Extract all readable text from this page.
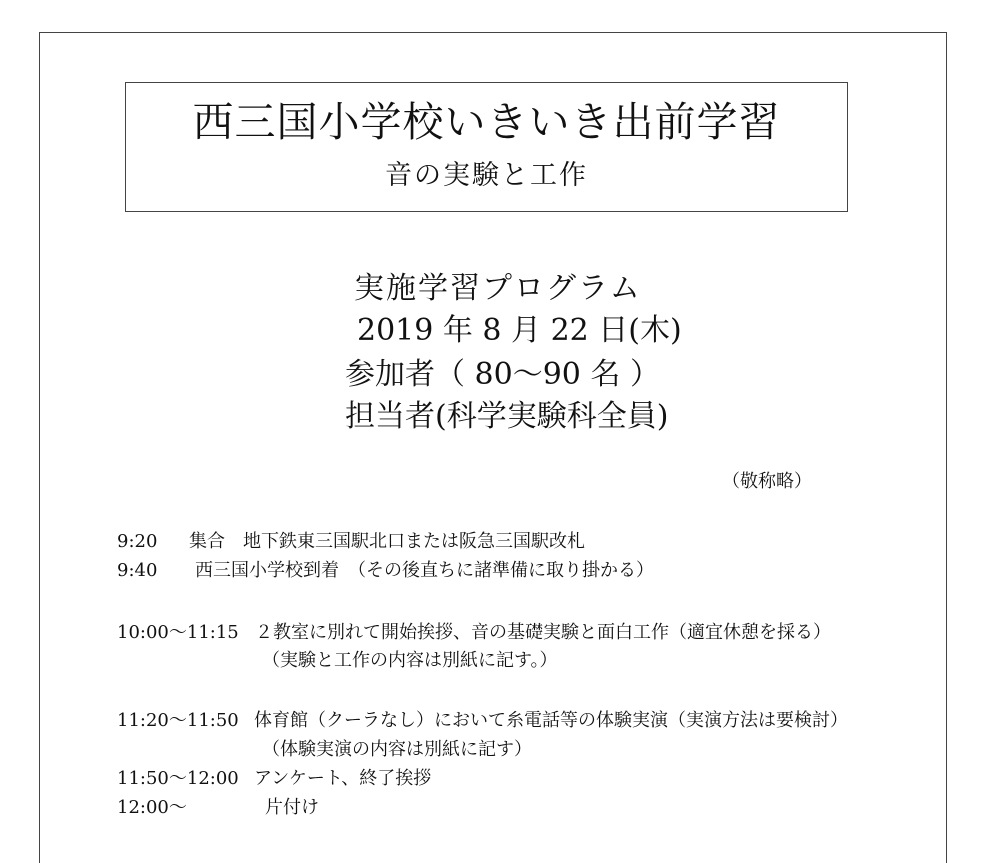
西三国小学校いきいき出前学習
音の実験と工作
実施学習プログラム
2019 年 8 月 22 日(木)
参加者（ 80～90 名 ）
担当者(科学実験科全員)
（敬称略）
9:20 集合　地下鉄東三国駅北口または阪急三国駅改札
9:40 西三国小学校到着　（その後直ちに諸準備に取り掛かる）
10:00～11:15 ２教室に別れて開始挨拶、音の基礎実験と面白工作（適宜休憩を採る）
（実験と工作の内容は別紙に記す。）
11:20～11:50 体育館（クーラなし）において糸電話等の体験実演（実演方法は要検討）
（体験実演の内容は別紙に記す）
11:50～12:00 アンケート、終了挨拶
12:00～	片付け
